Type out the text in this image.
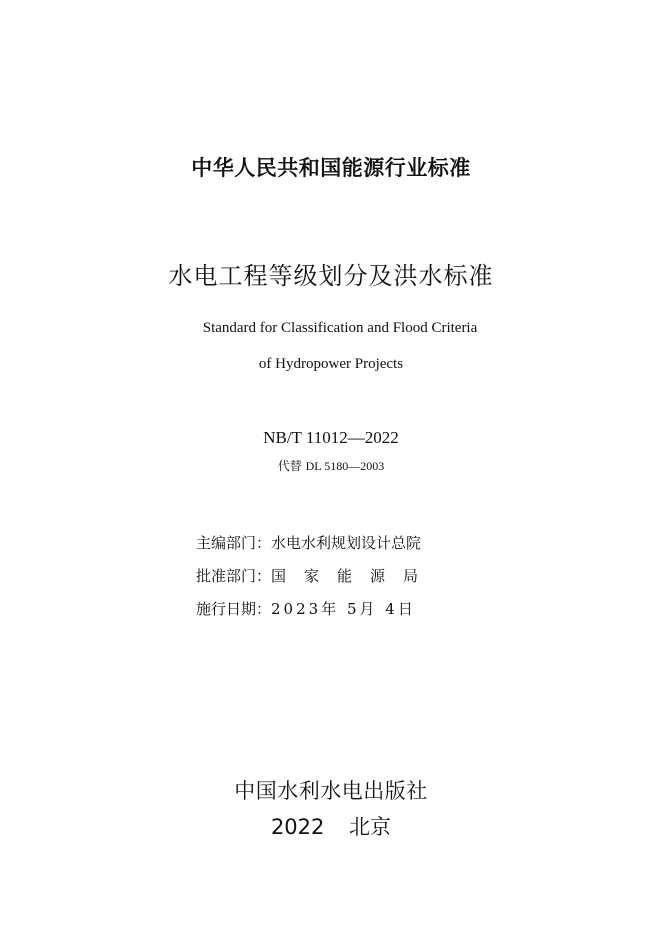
中华人民共和国能源行业标准
水电工程等级划分及洪水标准
Standard for Classification and Flood Criteria
of Hydropower Projects
NB/T 11012—2022
代替 DL 5180—2003
主编部门：水电水利规划设计总院
批准部门：国家能源局
施行日期：2023年 5月 4日
中国水利水电出版社
2022 北京
